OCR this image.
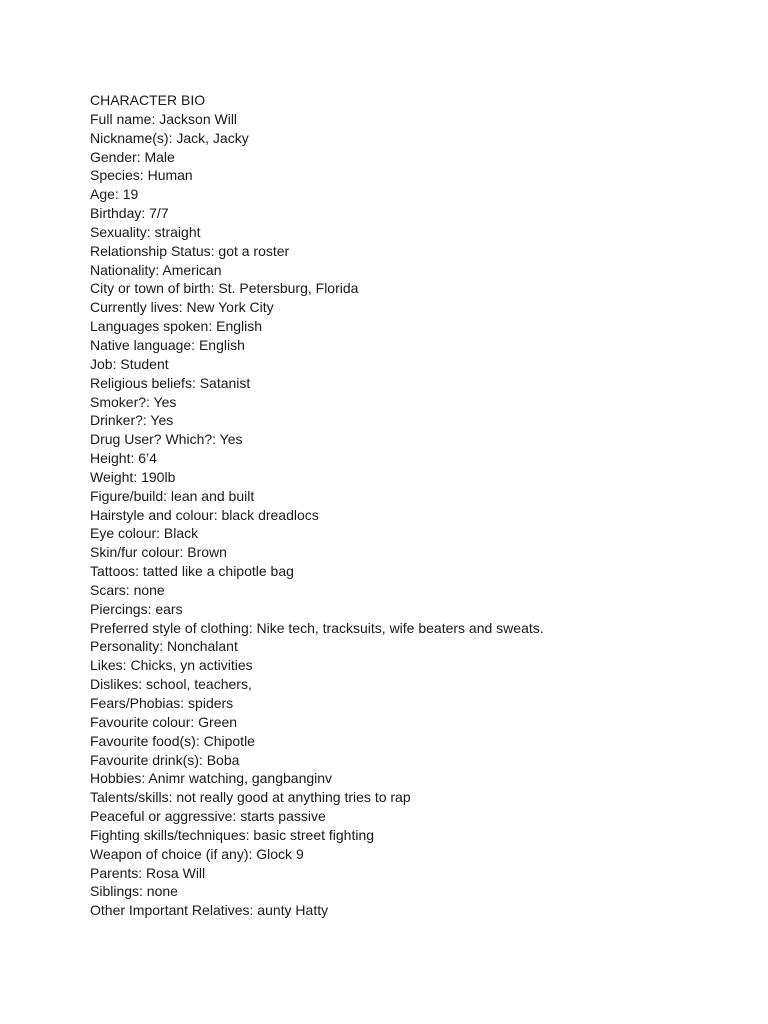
CHARACTER BIO
Full name: Jackson Will
Nickname(s): Jack, Jacky
Gender: Male
Species: Human
Age: 19
Birthday: 7/7
Sexuality: straight
Relationship Status: got a roster
Nationality: American
City or town of birth: St. Petersburg, Florida
Currently lives: New York City
Languages spoken: English
Native language: English
Job: Student
Religious beliefs: Satanist
Smoker?: Yes
Drinker?: Yes
Drug User? Which?: Yes
Height: 6’4
Weight: 190lb
Figure/build: lean and built
Hairstyle and colour: black dreadlocs
Eye colour: Black
Skin/fur colour: Brown
Tattoos: tatted like a chipotle bag
Scars: none
Piercings: ears
Preferred style of clothing: Nike tech, tracksuits, wife beaters and sweats.
Personality: Nonchalant
Likes: Chicks, yn activities
Dislikes: school, teachers,
Fears/Phobias: spiders
Favourite colour: Green
Favourite food(s): Chipotle
Favourite drink(s): Boba
Hobbies: Animr watching, gangbanginv
Talents/skills: not really good at anything tries to rap
Peaceful or aggressive: starts passive
Fighting skills/techniques: basic street fighting
Weapon of choice (if any): Glock 9
Parents: Rosa Will
Siblings: none
Other Important Relatives: aunty Hatty
